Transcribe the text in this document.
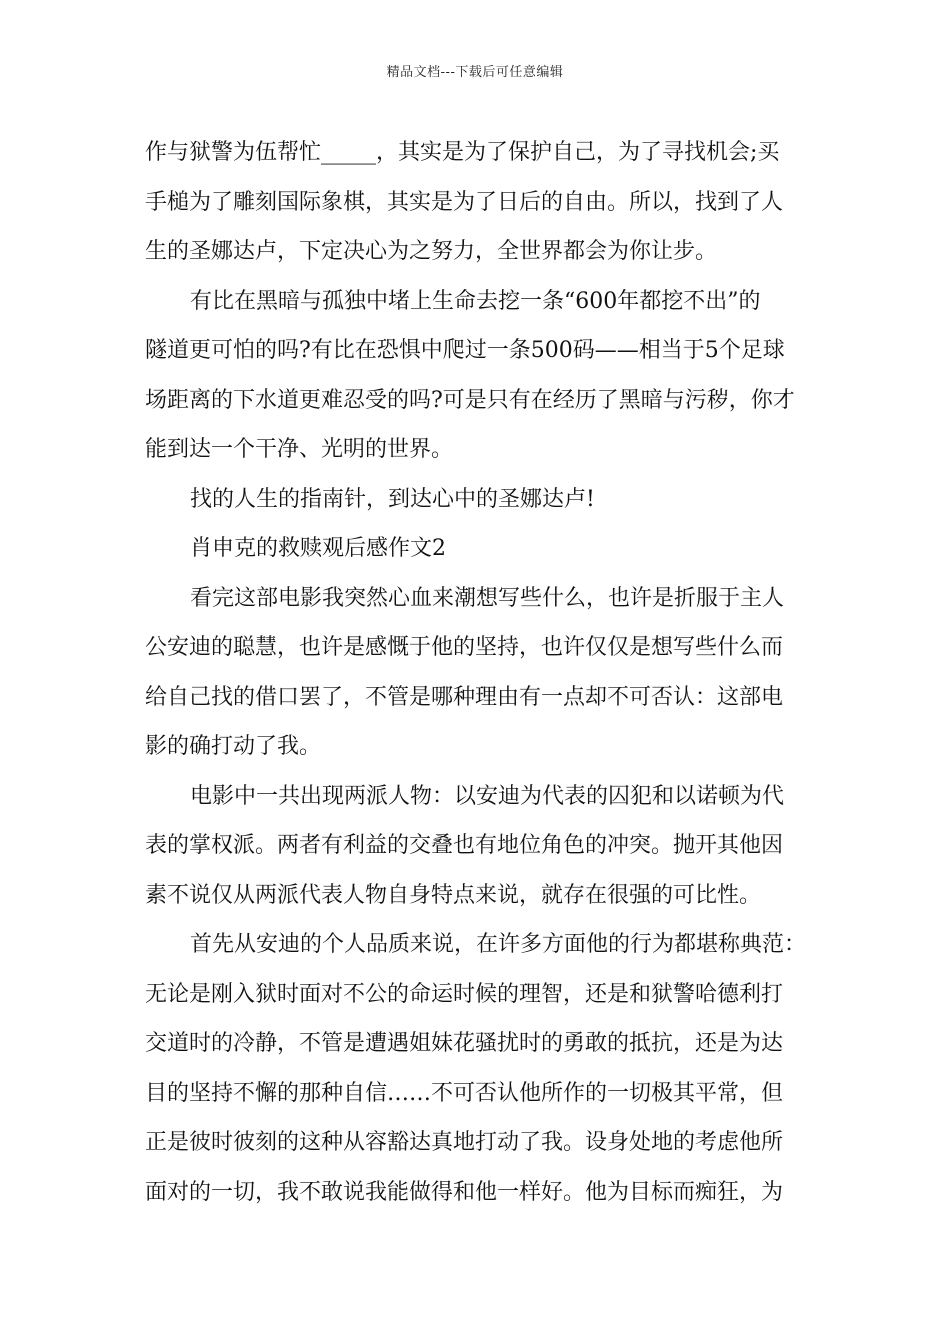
精品文档---下载后可任意编辑
作与狱警为伍帮忙_____，其实是为了保护自己，为了寻找机会;买
手槌为了雕刻国际象棋，其实是为了日后的自由。所以，找到了人
生的圣娜达卢，下定决心为之努力，全世界都会为你让步。
有比在黑暗与孤独中堵上生命去挖一条“600年都挖不出”的
隧道更可怕的吗?有比在恐惧中爬过一条500码——相当于5个足球
场距离的下水道更难忍受的吗?可是只有在经历了黑暗与污秽，你才
能到达一个干净、光明的世界。
找的人生的指南针，到达心中的圣娜达卢!
肖申克的救赎观后感作文2
看完这部电影我突然心血来潮想写些什么，也许是折服于主人
公安迪的聪慧，也许是感慨于他的坚持，也许仅仅是想写些什么而
给自己找的借口罢了，不管是哪种理由有一点却不可否认：这部电
影的确打动了我。
电影中一共出现两派人物：以安迪为代表的囚犯和以诺顿为代
表的掌权派。两者有利益的交叠也有地位角色的冲突。抛开其他因
素不说仅从两派代表人物自身特点来说，就存在很强的可比性。
首先从安迪的个人品质来说，在许多方面他的行为都堪称典范：
无论是刚入狱时面对不公的命运时候的理智，还是和狱警哈德利打
交道时的冷静，不管是遭遇姐妹花骚扰时的勇敢的抵抗，还是为达
目的坚持不懈的那种自信……不可否认他所作的一切极其平常，但
正是彼时彼刻的这种从容豁达真地打动了我。设身处地的考虑他所
面对的一切，我不敢说我能做得和他一样好。他为目标而痴狂，为
